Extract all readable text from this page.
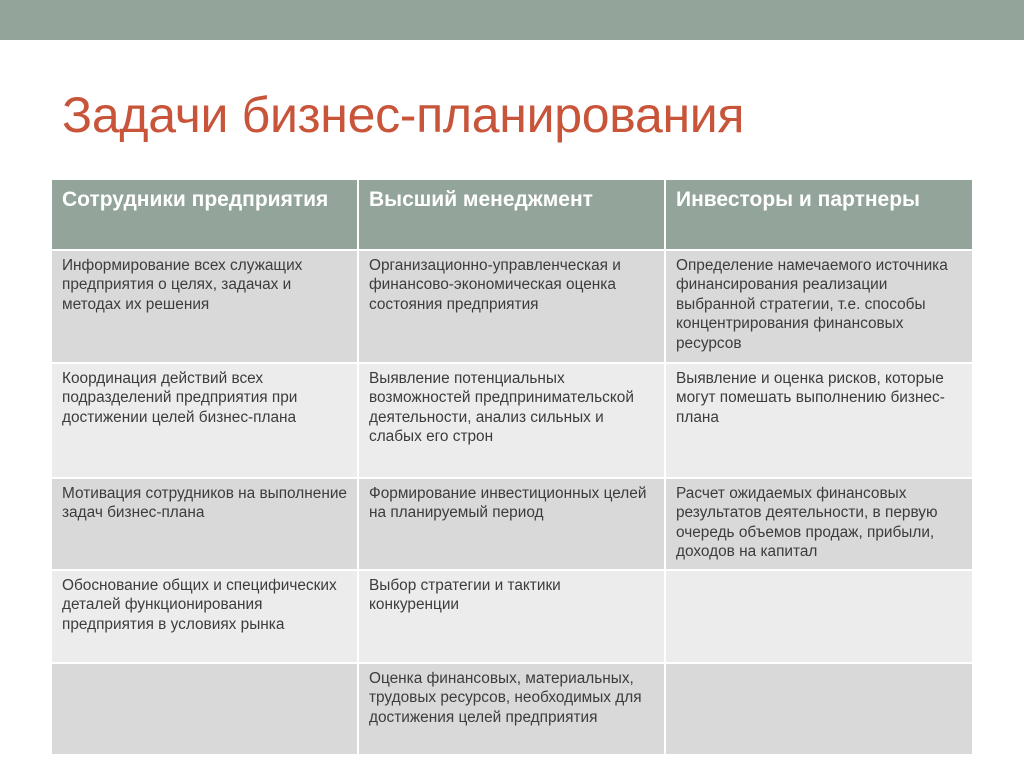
Задачи бизнес-планирования
Сотрудники предприятия	Высший менеджмент	Инвесторы и партнеры
Информирование всех служащих предприятия о целях, задачах и методах их решения	Организационно-управленческая и финансово-экономическая оценка состояния предприятия	Определение намечаемого источника финансирования реализации выбранной стратегии, т.е. способы концентрирования финансовых ресурсов
Координация действий всех подразделений предприятия при достижении целей бизнес-плана	Выявление потенциальных возможностей предпринимательской деятельности, анализ сильных и слабых его строн	Выявление и оценка рисков, которые могут помешать выполнению бизнес-плана
Мотивация сотрудников на выполнение задач бизнес-плана	Формирование инвестиционных целей на планируемый период	Расчет ожидаемых финансовых результатов деятельности, в первую очередь объемов продаж, прибыли, доходов на капитал
Обоснование общих и специфических деталей функционирования предприятия в условиях рынка	Выбор стратегии и тактики конкуренции	
	Оценка финансовых, материальных, трудовых ресурсов, необходимых для достижения целей предприятия	
